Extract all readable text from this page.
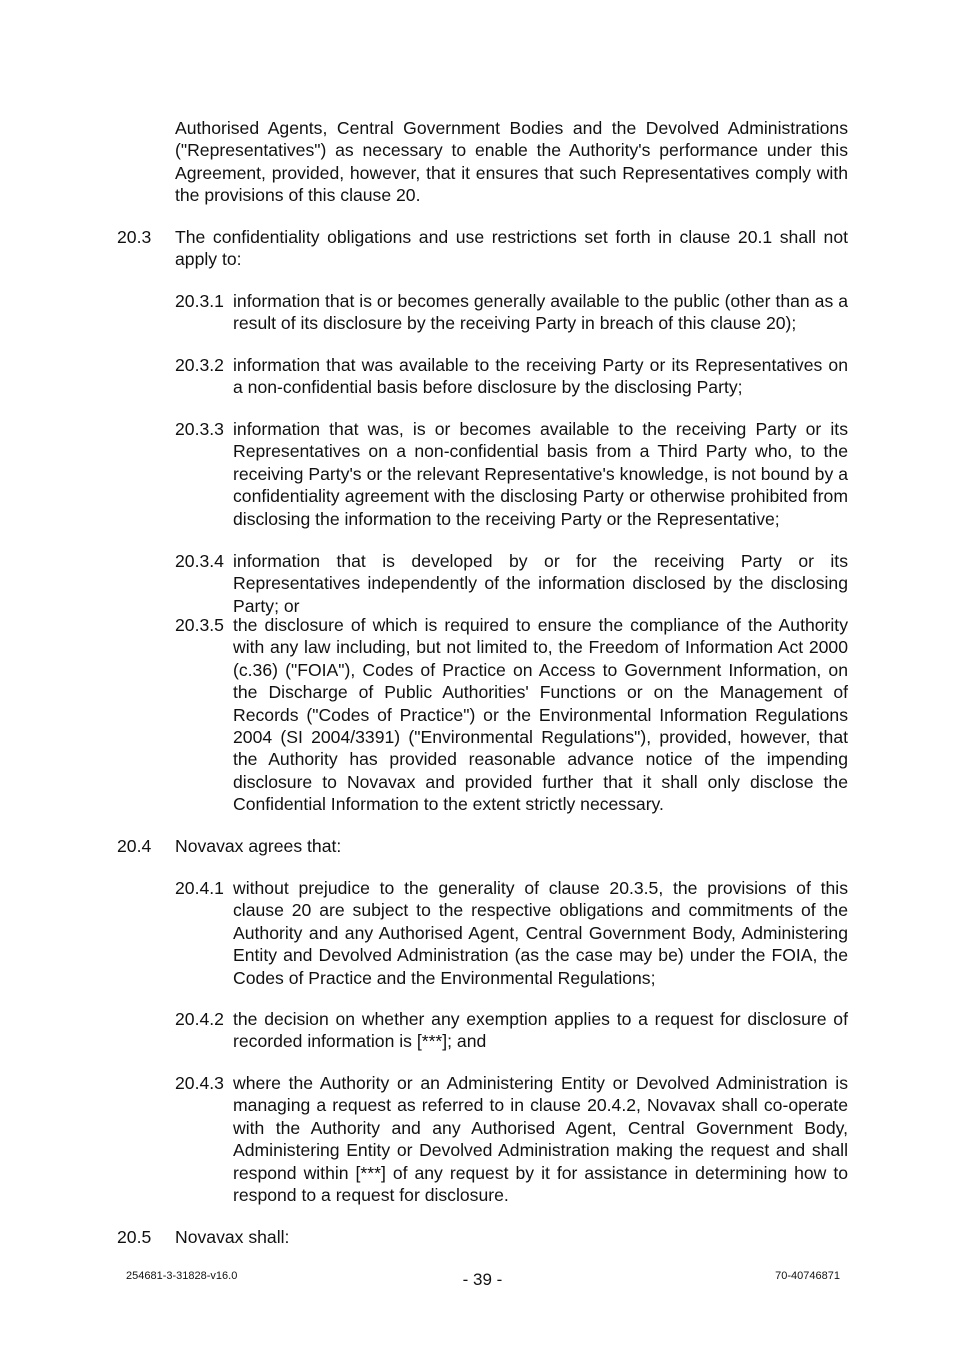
Authorised Agents, Central Government Bodies and the Devolved Administrations ("Representatives") as necessary to enable the Authority's performance under this Agreement, provided, however, that it ensures that such Representatives comply with the provisions of this clause 20.
20.3 The confidentiality obligations and use restrictions set forth in clause 20.1 shall not apply to:
20.3.1 information that is or becomes generally available to the public (other than as a result of its disclosure by the receiving Party in breach of this clause 20);
20.3.2 information that was available to the receiving Party or its Representatives on a non-confidential basis before disclosure by the disclosing Party;
20.3.3 information that was, is or becomes available to the receiving Party or its Representatives on a non-confidential basis from a Third Party who, to the receiving Party's or the relevant Representative's knowledge, is not bound by a confidentiality agreement with the disclosing Party or otherwise prohibited from disclosing the information to the receiving Party or the Representative;
20.3.4 information that is developed by or for the receiving Party or its Representatives independently of the information disclosed by the disclosing Party; or
20.3.5 the disclosure of which is required to ensure the compliance of the Authority with any law including, but not limited to, the Freedom of Information Act 2000 (c.36) ("FOIA"), Codes of Practice on Access to Government Information, on the Discharge of Public Authorities' Functions or on the Management of Records ("Codes of Practice") or the Environmental Information Regulations 2004 (SI 2004/3391) ("Environmental Regulations"), provided, however, that the Authority has provided reasonable advance notice of the impending disclosure to Novavax and provided further that it shall only disclose the Confidential Information to the extent strictly necessary.
20.4 Novavax agrees that:
20.4.1 without prejudice to the generality of clause 20.3.5, the provisions of this clause 20 are subject to the respective obligations and commitments of the Authority and any Authorised Agent, Central Government Body, Administering Entity and Devolved Administration (as the case may be) under the FOIA, the Codes of Practice and the Environmental Regulations;
20.4.2 the decision on whether any exemption applies to a request for disclosure of recorded information is [***]; and
20.4.3 where the Authority or an Administering Entity or Devolved Administration is managing a request as referred to in clause 20.4.2, Novavax shall co-operate with the Authority and any Authorised Agent, Central Government Body, Administering Entity or Devolved Administration making the request and shall respond within [***] of any request by it for assistance in determining how to respond to a request for disclosure.
20.5 Novavax shall:
254681-3-31828-v16.0	- 39 -	70-40746871
